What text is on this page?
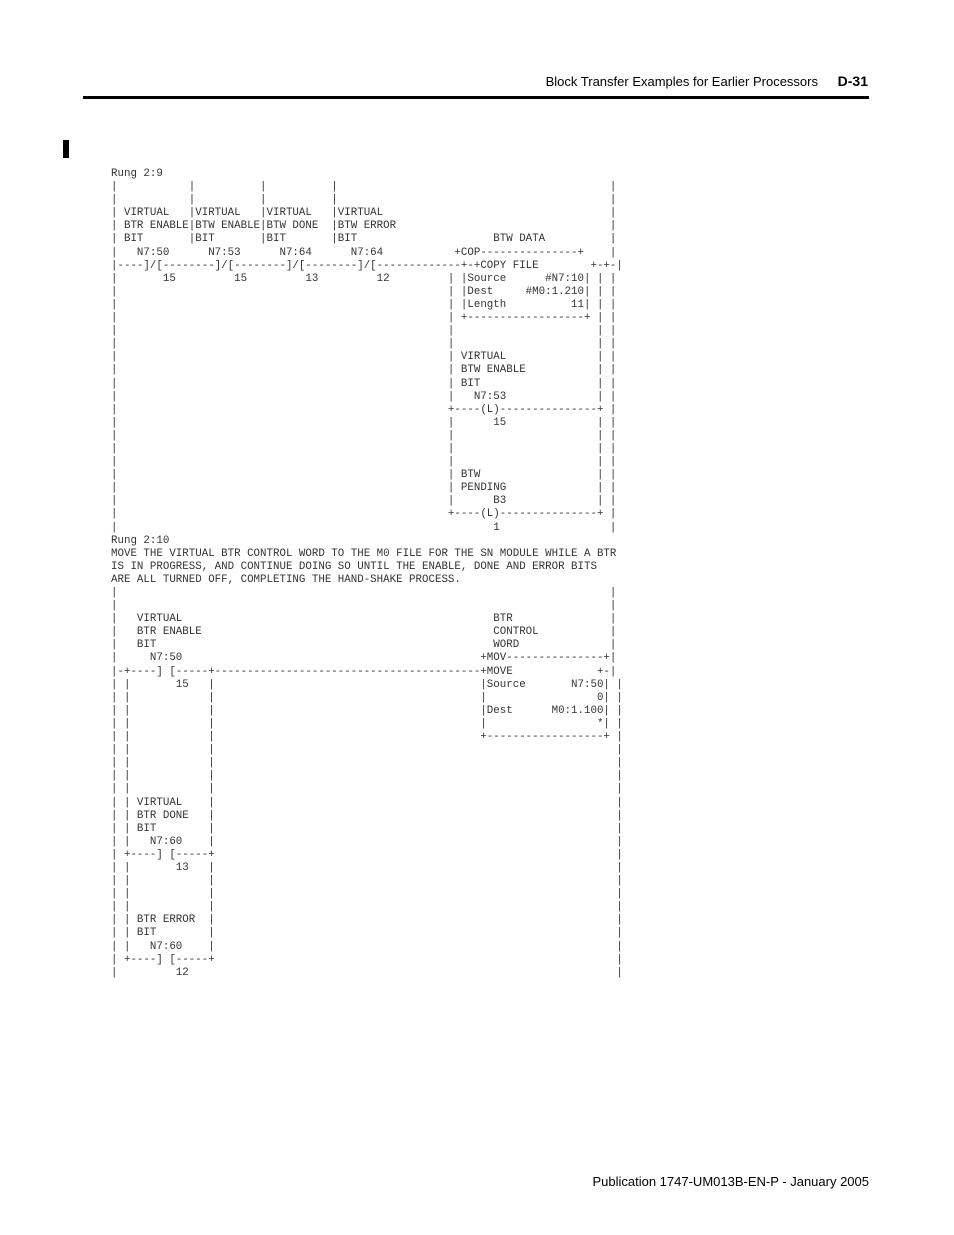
Block Transfer Examples for Earlier Processors D-31
Rung 2:9
|           |          |          |                                          |
|           |          |          |                                          |
| VIRTUAL   |VIRTUAL   |VIRTUAL   |VIRTUAL                                   |
| BTR ENABLE|BTW ENABLE|BTW DONE  |BTW ERROR                                 |
| BIT       |BIT       |BIT       |BIT                     BTW DATA          |
|   N7:50      N7:53      N7:64      N7:64           +COP---------------+    |
|----]/[--------]/[--------]/[--------]/[-------------+-+COPY FILE        +-+-|
|       15         15         13         12         | |Source      #N7:10| | |
|                                                   | |Dest     #M0:1.210| | |
|                                                   | |Length          11| | |
|                                                   | +------------------+ | |
|                                                   |                      | |
|                                                   |                      | |
|                                                   | VIRTUAL              | |
|                                                   | BTW ENABLE           | |
|                                                   | BIT                  | |
|                                                   |   N7:53              | |
|                                                   +----(L)---------------+ |
|                                                   |      15              | |
|                                                   |                      | |
|                                                   |                      | |
|                                                   |                      | |
|                                                   | BTW                  | |
|                                                   | PENDING              | |
|                                                   |      B3              | |
|                                                   +----(L)---------------+ |
|                                                          1                 |
Rung 2:10
MOVE THE VIRTUAL BTR CONTROL WORD TO THE M0 FILE FOR THE SN MODULE WHILE A BTR
IS IN PROGRESS, AND CONTINUE DOING SO UNTIL THE ENABLE, DONE AND ERROR BITS
ARE ALL TURNED OFF, COMPLETING THE HAND-SHAKE PROCESS.
|                                                                            |
|                                                                            |
|   VIRTUAL                                                BTR               |
|   BTR ENABLE                                             CONTROL           |
|   BIT                                                    WORD              |
|     N7:50                                              +MOV---------------+|
|-+----] [-----+-----------------------------------------+MOVE             +-|
| |       15   |                                         |Source       N7:50| |
| |            |                                         |                 0| |
| |            |                                         |Dest      M0:1.100| |
| |            |                                         |                 *| |
| |            |                                         +------------------+ |
| |            |                                                              |
| |            |                                                              |
| |            |                                                              |
| |            |                                                              |
| | VIRTUAL    |                                                              |
| | BTR DONE   |                                                              |
| | BIT        |                                                              |
| |   N7:60    |                                                              |
| +----] [-----+                                                              |
| |       13   |                                                              |
| |            |                                                              |
| |            |                                                              |
| |            |                                                              |
| | BTR ERROR  |                                                              |
| | BIT        |                                                              |
| |   N7:60    |                                                              |
| +----] [-----+                                                              |
|         12                                                                  |

Publication 1747-UM013B-EN-P - January 2005
